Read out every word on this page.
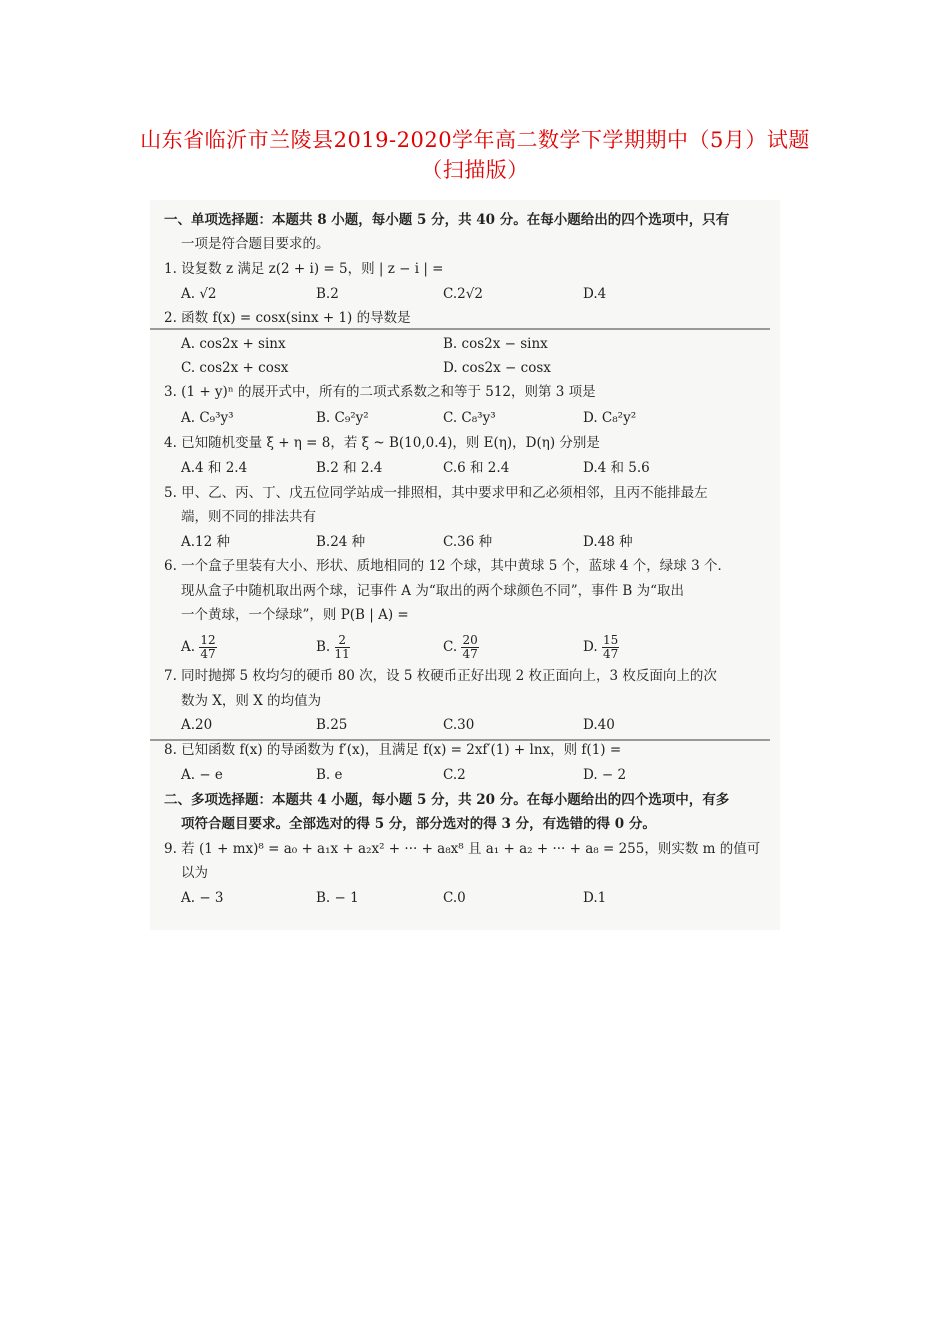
山东省临沂市兰陵县2019-2020学年高二数学下学期期中（5月）试题
（扫描版）
一、单项选择题：本题共 8 小题，每小题 5 分，共 40 分。在每小题给出的四个选项中，只有
一项是符合题目要求的。
1. 设复数 z 满足 z(2 + i) = 5，则 | z − i | =
A. √2	B.2	C.2√2	D.4
2. 函数 f(x) = cosx(sinx + 1) 的导数是
A. cos2x + sinx	B. cos2x − sinx
C. cos2x + cosx	D. cos2x − cosx
3. (1 + y)ⁿ 的展开式中，所有的二项式系数之和等于 512，则第 3 项是
A. C₉³y³	B. C₉²y²	C. C₈³y³	D. C₈²y²
4. 已知随机变量 ξ + η = 8，若 ξ ~ B(10,0.4)，则 E(η)，D(η) 分别是
A.4 和 2.4	B.2 和 2.4	C.6 和 2.4	D.4 和 5.6
5. 甲、乙、丙、丁、戊五位同学站成一排照相，其中要求甲和乙必须相邻，且丙不能排最左
端，则不同的排法共有
A.12 种	B.24 种	C.36 种	D.48 种
6. 一个盒子里装有大小、形状、质地相同的 12 个球，其中黄球 5 个，蓝球 4 个，绿球 3 个．
现从盒子中随机取出两个球，记事件 A 为“取出的两个球颜色不同”，事件 B 为“取出
一个黄球，一个绿球”，则 P(B | A) =
A. $\frac{12}{47}$	B. $\frac{2}{11}$	C. $\frac{20}{47}$	D. $\frac{15}{47}$
7. 同时抛掷 5 枚均匀的硬币 80 次，设 5 枚硬币正好出现 2 枚正面向上，3 枚反面向上的次
数为 X，则 X 的均值为
A.20	B.25	C.30	D.40
8. 已知函数 f(x) 的导函数为 f′(x)，且满足 f(x) = 2xf′(1) + lnx，则 f(1) =
A. − e	B. e	C.2	D. − 2
二、多项选择题：本题共 4 小题，每小题 5 分，共 20 分。在每小题给出的四个选项中，有多
项符合题目要求。全部选对的得 5 分，部分选对的得 3 分，有选错的得 0 分。
9. 若 (1 + mx)⁸ = a₀ + a₁x + a₂x² + ··· + a₈x⁸ 且 a₁ + a₂ + ··· + a₈ = 255，则实数 m 的值可
以为
A. − 3	B. − 1	C.0	D.1
